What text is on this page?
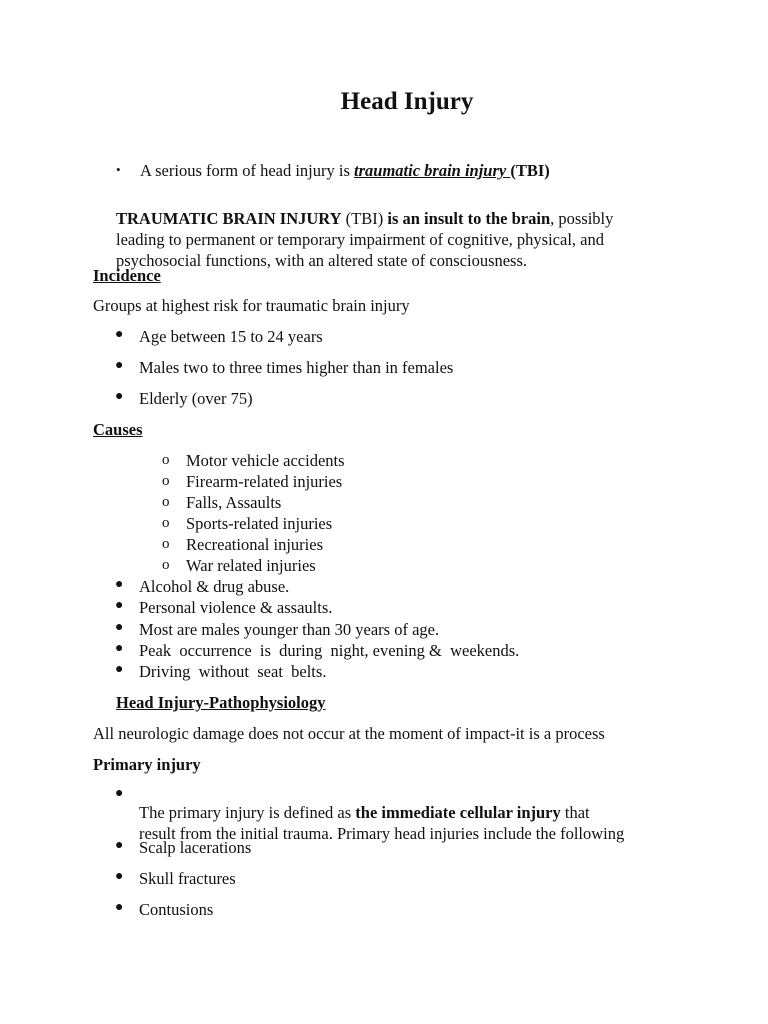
Head Injury
• A serious form of head injury is traumatic brain injury (TBI)

TRAUMATIC BRAIN INJURY (TBI) is an insult to the brain, possibly

leading to permanent or temporary impairment of cognitive, physical, and

psychosocial functions, with an altered state of consciousness.

Incidence

Groups at highest risk for traumatic brain injury

● Age between 15 to 24 years

● Males two to three times higher than in females

● Elderly (over 75)

Causes

o Motor vehicle accidents

o Firearm-related injuries

o Falls, Assaults

o Sports-related injuries

o Recreational injuries

o War related injuries

● Alcohol & drug abuse.

● Personal violence & assaults.

● Most are males younger than 30 years of age.

● Peak  occurrence  is  during  night, evening &  weekends.

● Driving  without  seat  belts.

Head Injury-Pathophysiology

All neurologic damage does not occur at the moment of impact-it is a process

Primary injury

●

The primary injury is defined as the immediate cellular injury that

result from the initial trauma. Primary head injuries include the following

● Scalp lacerations

● Skull fractures

● Contusions
